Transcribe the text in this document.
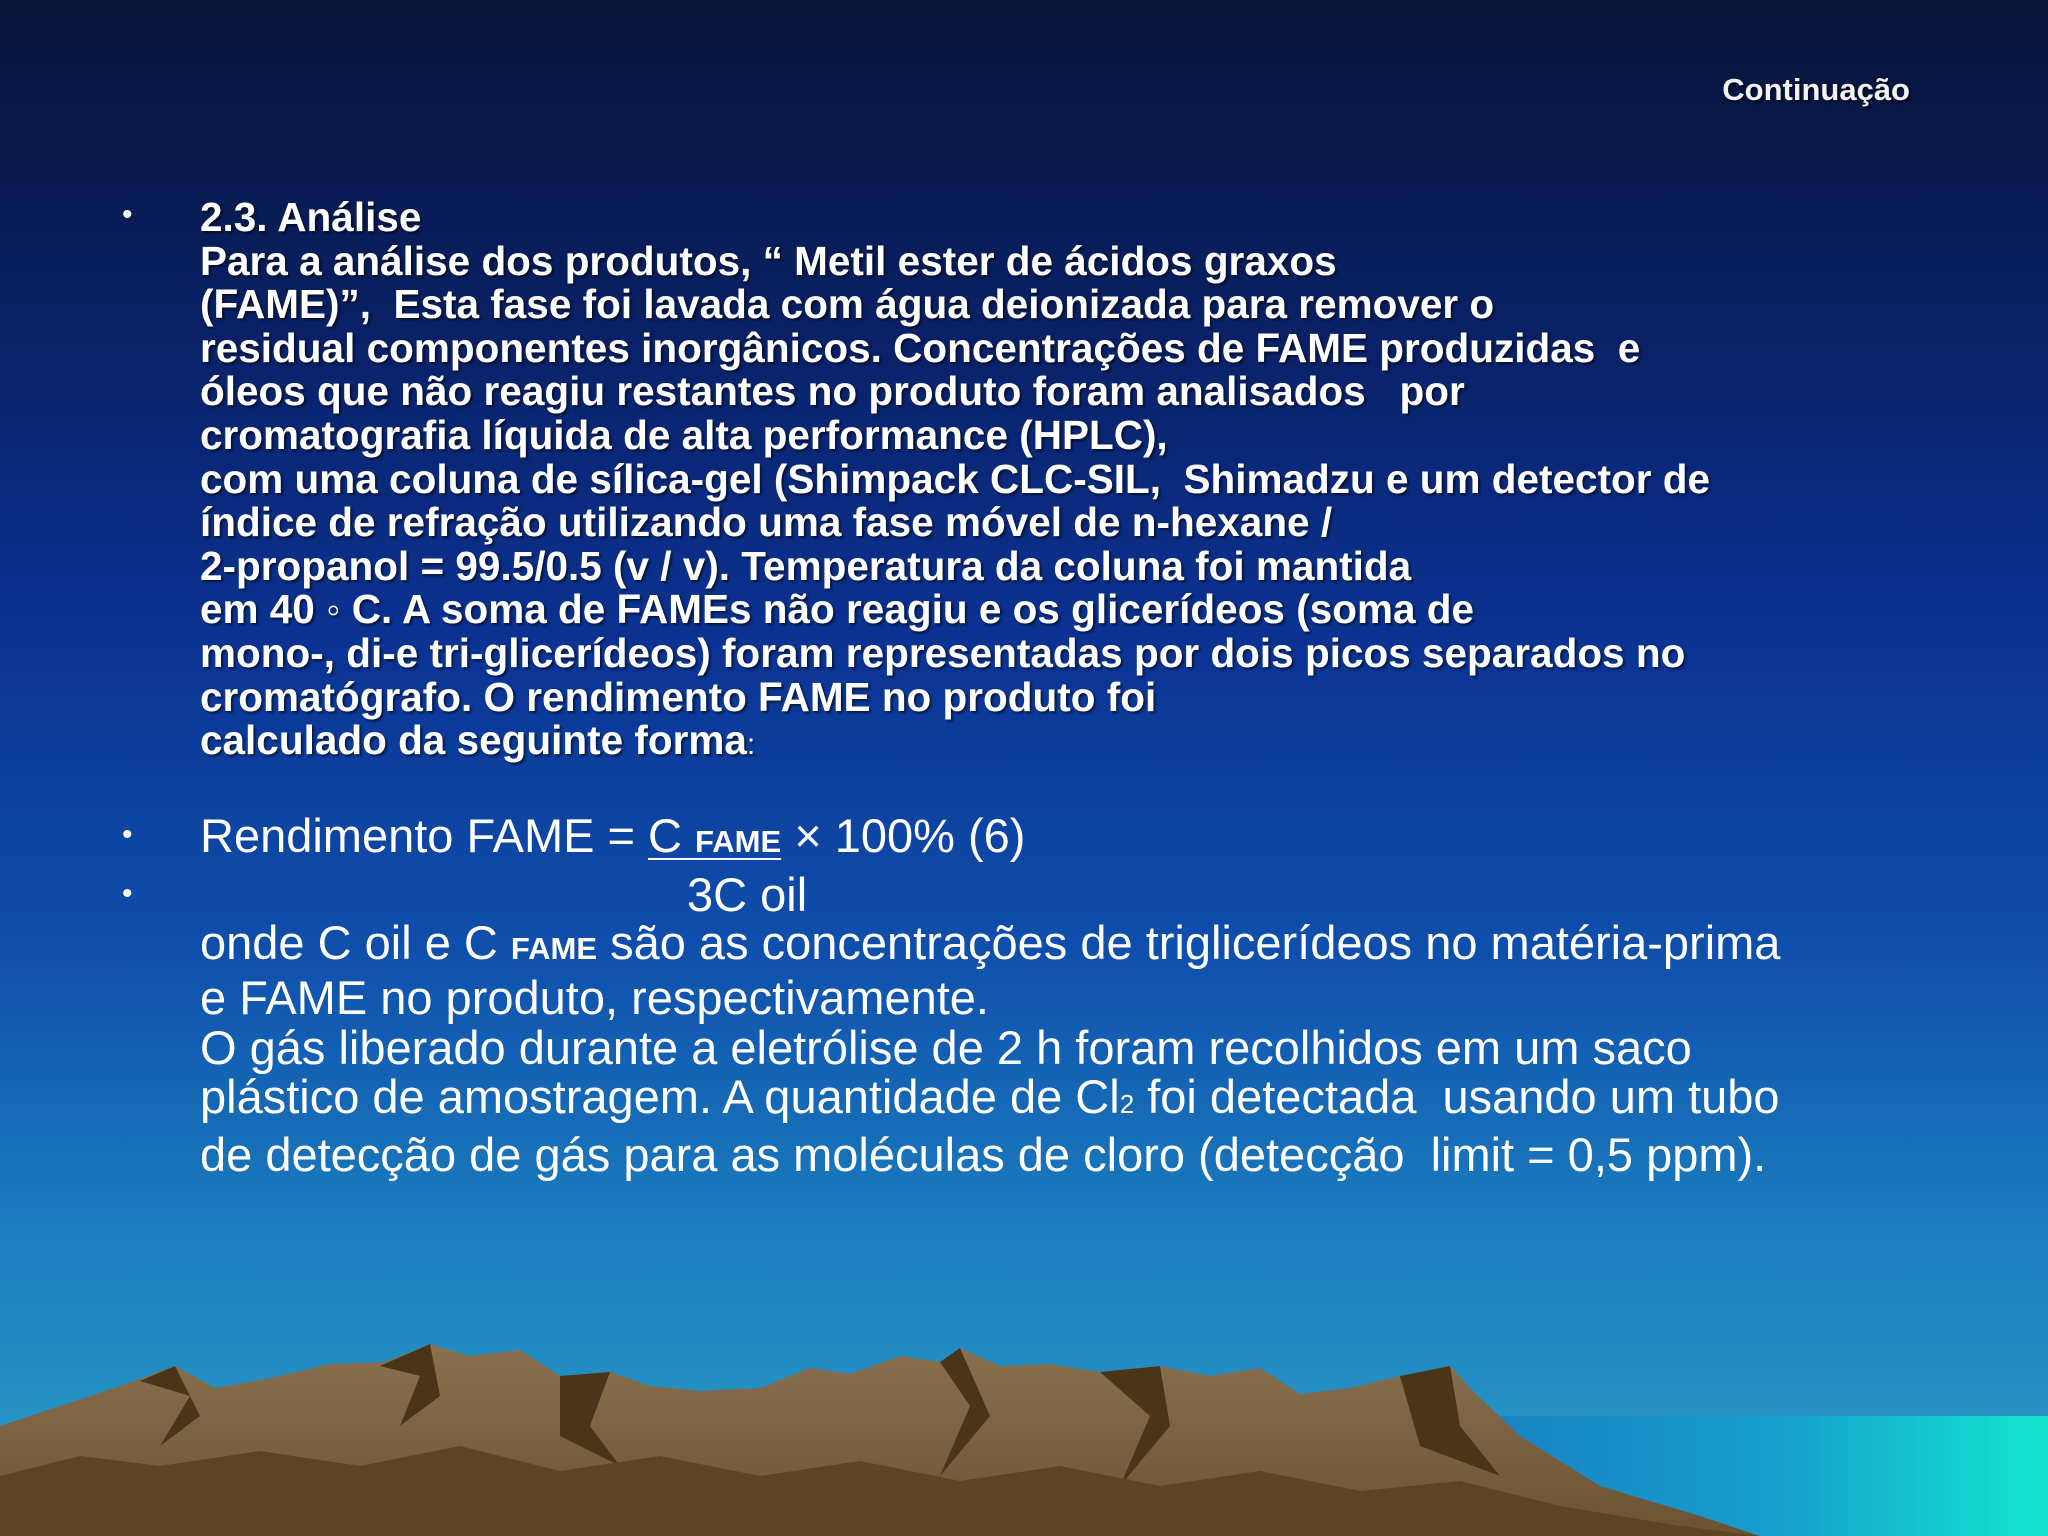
Continuação
• 2.3. Análise
Para a análise dos produtos, “ Metil ester de ácidos graxos
(FAME)”,  Esta fase foi lavada com água deionizada para remover o
residual componentes inorgânicos. Concentrações de FAME produzidas  e
óleos que não reagiu restantes no produto foram analisados   por
cromatografia líquida de alta performance (HPLC),
com uma coluna de sílica-gel (Shimpack CLC-SIL,  Shimadzu e um detector de
índice de refração utilizando uma fase móvel de n-hexane /
2-propanol = 99.5/0.5 (v / v). Temperatura da coluna foi mantida
em 40 ◦ C. A soma de FAMEs não reagiu e os glicerídeos (soma de
mono-, di-e tri-glicerídeos) foram representadas por dois picos separados no
cromatógrafo. O rendimento FAME no produto foi
calculado da seguinte forma:
• Rendimento FAME = C FAME × 100% (6)
•	3C oil
onde C oil e C FAME são as concentrações de triglicerídeos no matéria-prima
e FAME no produto, respectivamente.
O gás liberado durante a eletrólise de 2 h foram recolhidos em um saco
plástico de amostragem. A quantidade de Cl2 foi detectada  usando um tubo
de detecção de gás para as moléculas de cloro (detecção  limit = 0,5 ppm).
